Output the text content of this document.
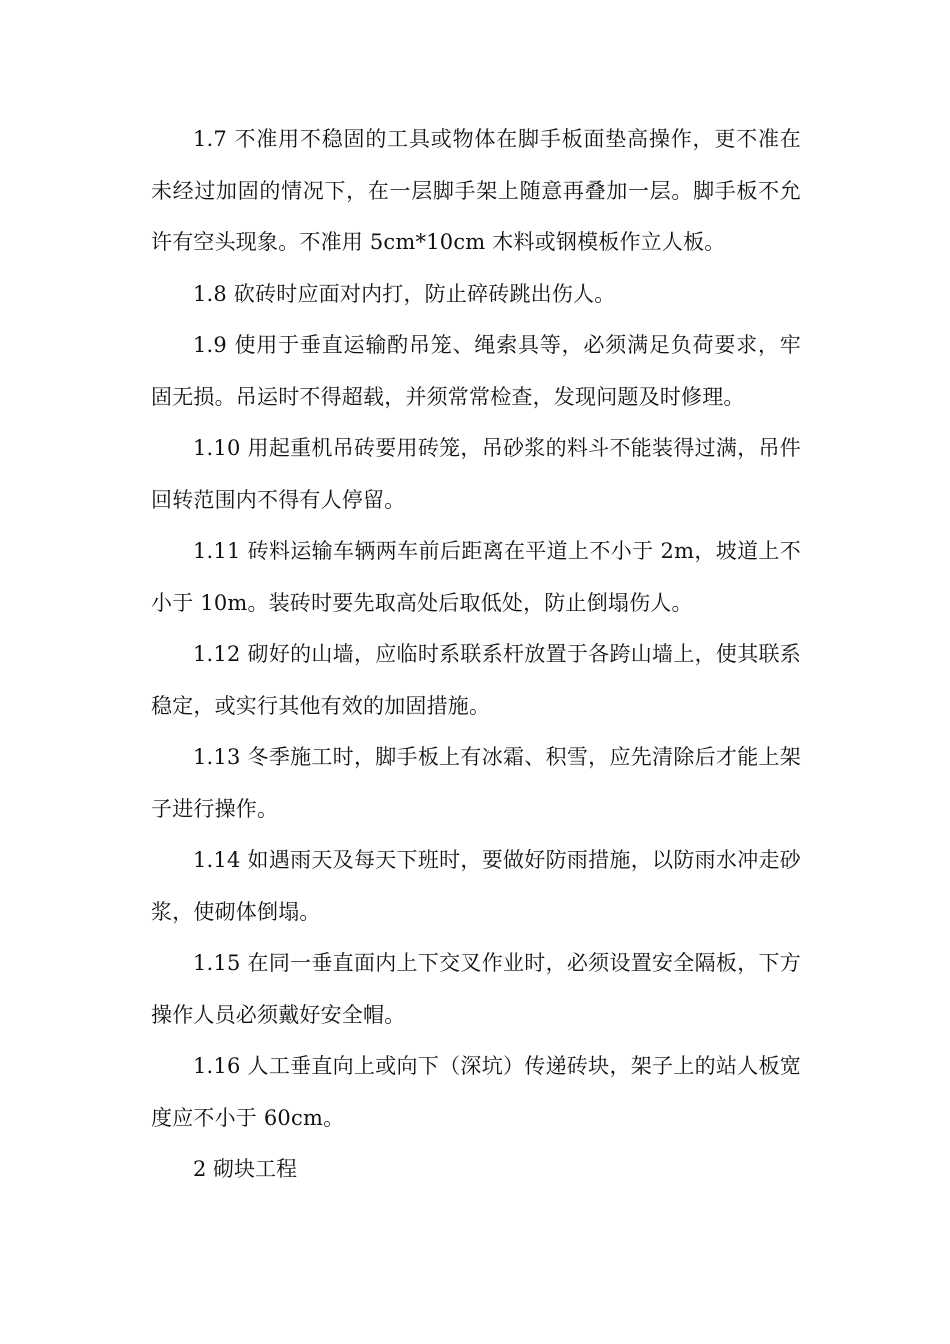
1.7 不准用不稳固的工具或物体在脚手板面垫高操作，更不准在未经过加固的情况下，在一层脚手架上随意再叠加一层。脚手板不允许有空头现象。不准用 5cm*10cm 木料或钢模板作立人板。

1.8 砍砖时应面对内打，防止碎砖跳出伤人。

1.9 使用于垂直运输酌吊笼、绳索具等，必须满足负荷要求，牢固无损。吊运时不得超载，并须常常检查，发现问题及时修理。

1.10 用起重机吊砖要用砖笼，吊砂浆的料斗不能装得过满，吊件回转范围内不得有人停留。

1.11 砖料运输车辆两车前后距离在平道上不小于 2m，坡道上不小于 10m。装砖时要先取高处后取低处，防止倒塌伤人。

1.12 砌好的山墙，应临时系联系杆放置于各跨山墙上，使其联系稳定，或实行其他有效的加固措施。

1.13 冬季施工时，脚手板上有冰霜、积雪，应先清除后才能上架子进行操作。

1.14 如遇雨天及每天下班时，要做好防雨措施，以防雨水冲走砂浆，使砌体倒塌。

1.15 在同一垂直面内上下交叉作业时，必须设置安全隔板，下方操作人员必须戴好安全帽。

1.16 人工垂直向上或向下（深坑）传递砖块，架子上的站人板宽度应不小于 60cm。

2 砌块工程
